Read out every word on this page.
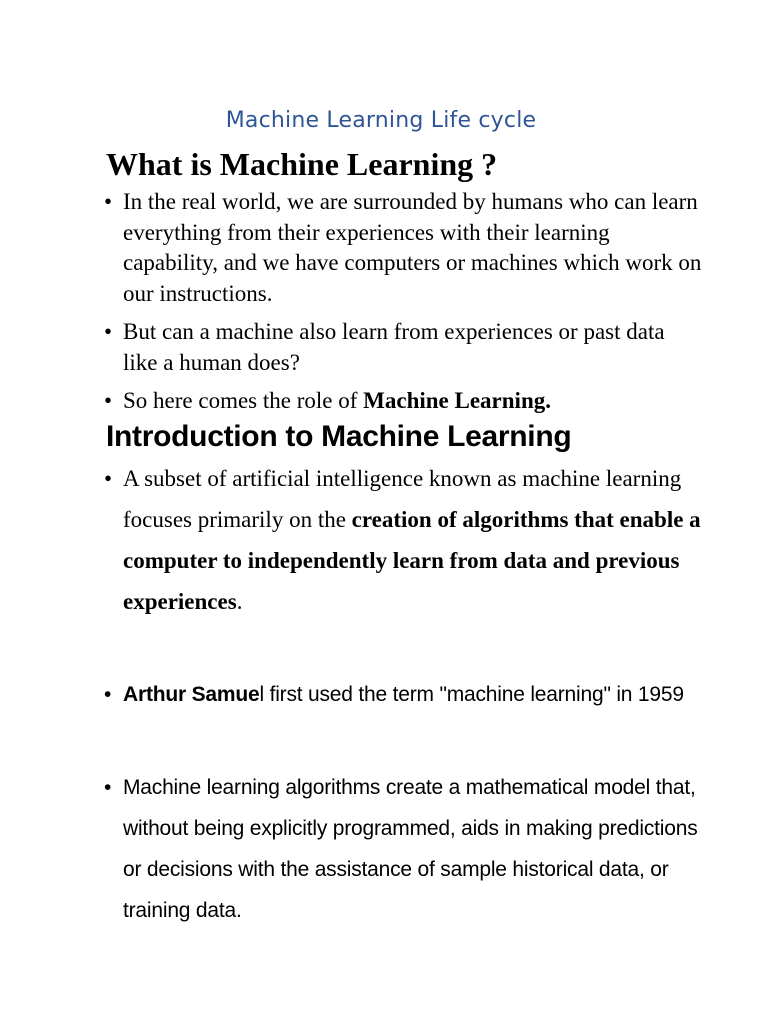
Machine Learning Life cycle
What is Machine Learning ?
• In the real world, we are surrounded by humans who can learn everything from their experiences with their learning capability, and we have computers or machines which work on our instructions.
• But can a machine also learn from experiences or past data like a human does?
• So here comes the role of Machine Learning.
Introduction to Machine Learning
• A subset of artificial intelligence known as machine learning focuses primarily on the creation of algorithms that enable a computer to independently learn from data and previous experiences.
• Arthur Samuel first used the term "machine learning" in 1959
• Machine learning algorithms create a mathematical model that, without being explicitly programmed, aids in making predictions or decisions with the assistance of sample historical data, or training data.
